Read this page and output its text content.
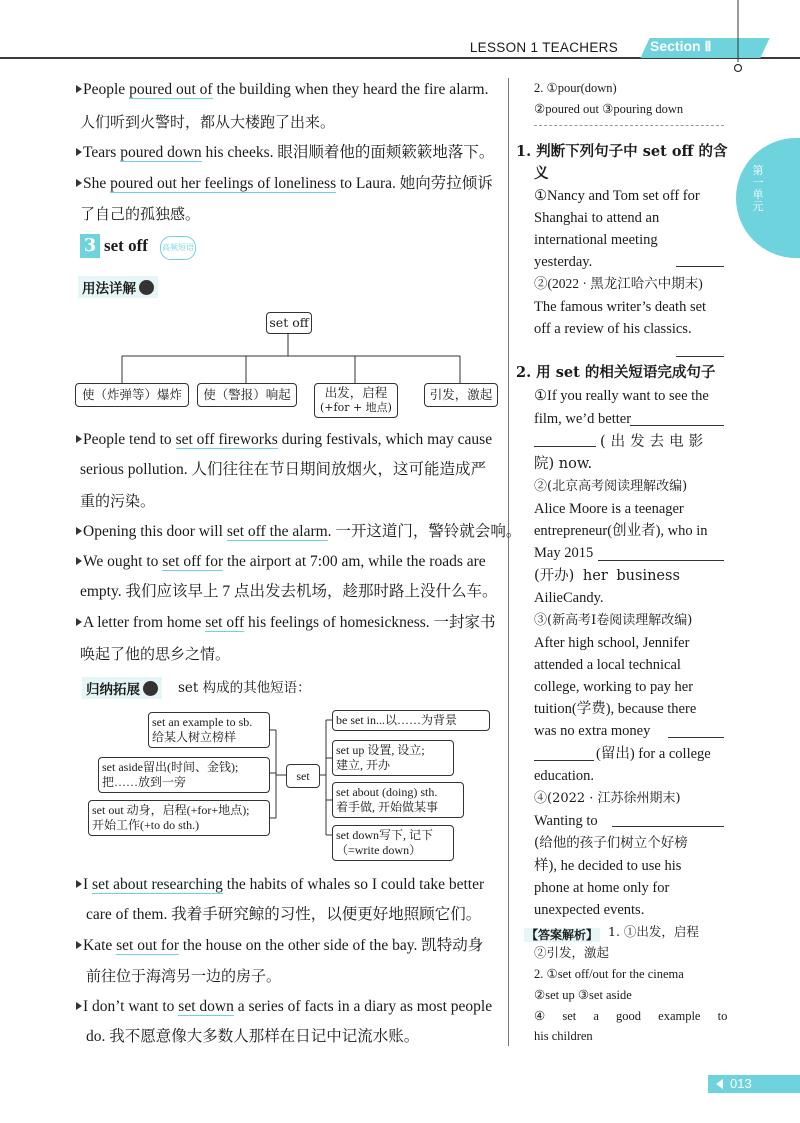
LESSON 1 TEACHERS Section Ⅱ
第一单元
People poured out of the building when they heard the fire alarm.
人们听到火警时，都从大楼跑了出来。
Tears poured down his cheeks. 眼泪顺着他的面颊簌簌地落下。
She poured out her feelings of loneliness to Laura. 她向劳拉倾诉
了自己的孤独感。
3 set off 高频短语
用法详解
set off
使（炸弹等）爆炸	使（警报）响起	出发，启程
(+for + 地点)
引发，激起
People tend to set off fireworks during festivals, which may cause
serious pollution. 人们往往在节日期间放烟火，这可能造成严
重的污染。
Opening this door will set off the alarm. 一开这道门，警铃就会响。
We ought to set off for the airport at 7:00 am, while the roads are
empty. 我们应该早上 7 点出发去机场，趁那时路上没什么车。
A letter from home set off his feelings of homesickness. 一封家书
唤起了他的思乡之情。
归纳拓展	set 构成的其他短语：
set an example to sb.
给某人树立榜样
set aside留出(时间、金钱);
把……放到一旁
set out 动身，启程(+for+地点);
开始工作(+to do sth.)
set
be set in...以……为背景
set up 设置, 设立;
建立, 开办
set about (doing) sth.
着手做, 开始做某事
set down写下, 记下
（=write down）
I set about researching the habits of whales so I could take better
care of them. 我着手研究鲸的习性，以便更好地照顾它们。
Kate set out for the house on the other side of the bay. 凯特动身
前往位于海湾另一边的房子。
I don’t want to set down a series of facts in a diary as most people
do. 我不愿意像大多数人那样在日记中记流水账。
2. ①pour(down)
②poured out ③pouring down
1. 判断下列句子中 set off 的含
义
①Nancy and Tom set off for
Shanghai to attend an
international meeting
yesterday.
②(2022 · 黑龙江哈六中期末)
The famous writer’s death set
off a review of his classics.
2. 用 set 的相关短语完成句子
①If you really want to see the
film, we’d better
(出发去电影
院) now.
②(北京高考阅读理解改编)
Alice Moore is a teenager
entrepreneur(创业者), who in
May 2015
(开办) her business
AilieCandy.
③(新高考Ⅰ卷阅读理解改编)
After high school, Jennifer
attended a local technical
college, working to pay her
tuition(学费), because there
was no extra money
(留出) for a college
education.
④(2022 · 江苏徐州期末)
Wanting to
(给他的孩子们树立个好榜
样), he decided to use his
phone at home only for
unexpected events.
【答案解析】 1. ①出发，启程
②引发，激起
2. ①set off/out for the cinema
②set up ③set aside
④ set a good example to
his children
013
